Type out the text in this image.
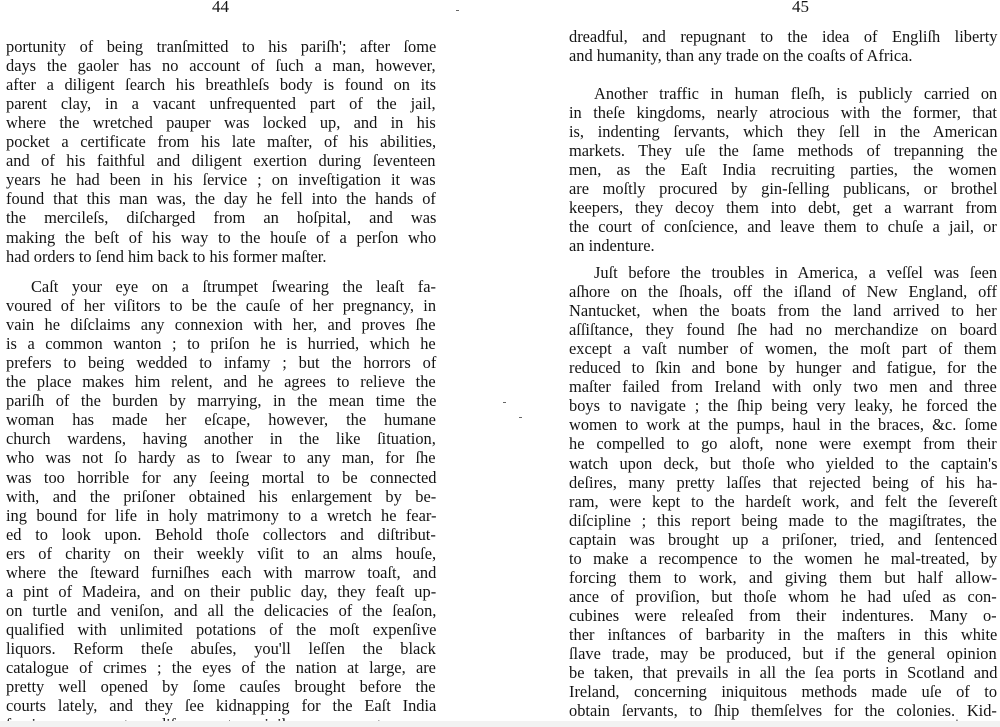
44
portunity of being tranſmitted to his pariſh'; after ſome
days the gaoler has no account of ſuch a man, however,
after a diligent ſearch his breathleſs body is found on its
parent clay, in a vacant unfrequented part of the jail,
where the wretched pauper was locked up, and in his
pocket a certificate from his late maſter, of his abilities,
and of his faithful and diligent exertion during ſeventeen
years he had been in his ſervice ; on inveſtigation it was
found that this man was, the day he fell into the hands of
the mercileſs, diſcharged from an hoſpital, and was
making the beſt of his way to the houſe of a perſon who
had orders to ſend him back to his former maſter.
Caſt your eye on a ſtrumpet ſwearing the leaſt fa-
voured of her viſitors to be the cauſe of her pregnancy, in
vain he diſclaims any connexion with her, and proves ſhe
is a common wanton ; to priſon he is hurried, which he
prefers to being wedded to infamy ; but the horrors of
the place makes him relent, and he agrees to relieve the
pariſh of the burden by marrying, in the mean time the
woman has made her eſcape, however, the humane
church wardens, having another in the like ſituation,
who was not ſo hardy as to ſwear to any man, for ſhe
was too horrible for any ſeeing mortal to be connected
with, and the priſoner obtained his enlargement by be-
ing bound for life in holy matrimony to a wretch he fear-
ed to look upon. Behold thoſe collectors and diſtribut-
ers of charity on their weekly viſit to an alms houſe,
where the ſteward furniſhes each with marrow toaſt, and
a pint of Madeira, and on their public day, they feaſt up-
on turtle and veniſon, and all the delicacies of the ſeaſon,
qualified with unlimited potations of the moſt expenſive
liquors. Reform theſe abuſes, you'll leſſen the black
catalogue of crimes ; the eyes of the nation at large, are
pretty well opened by ſome cauſes brought before the
courts lately, and they ſee kidnapping for the Eaſt India
45
dreadful, and repugnant to the idea of Engliſh liberty
and humanity, than any trade on the coaſts of Africa.
Another traffic in human fleſh, is publicly carried on
in theſe kingdoms, nearly atrocious with the former, that
is, indenting ſervants, which they ſell in the American
markets. They uſe the ſame methods of trepanning the
men, as the Eaſt India recruiting parties, the women
are moſtly procured by gin-ſelling publicans, or brothel
keepers, they decoy them into debt, get a warrant from
the court of conſcience, and leave them to chuſe a jail, or
an indenture.
Juſt before the troubles in America, a veſſel was ſeen
aſhore on the ſhoals, off the iſland of New England, off
Nantucket, when the boats from the land arrived to her
aſſiſtance, they found ſhe had no merchandize on board
except a vaſt number of women, the moſt part of them
reduced to ſkin and bone by hunger and fatigue, for the
maſter failed from Ireland with only two men and three
boys to navigate ; the ſhip being very leaky, he forced the
women to work at the pumps, haul in the braces, &c. ſome
he compelled to go aloft, none were exempt from their
watch upon deck, but thoſe who yielded to the captain's
deſires, many pretty laſſes that rejected being of his ha-
ram, were kept to the hardeſt work, and felt the ſevereſt
diſcipline ; this report being made to the magiſtrates, the
captain was brought up a priſoner, tried, and ſentenced
to make a recompence to the women he mal-treated, by
forcing them to work, and giving them but half allow-
ance of proviſion, but thoſe whom he had uſed as con-
cubines were releaſed from their indentures. Many o-
ther inſtances of barbarity in the maſters in this white
ſlave trade, may be produced, but if the general opinion
be taken, that prevails in all the ſea ports in Scotland and
Ireland, concerning iniquitous methods made uſe of to
obtain ſervants, to ſhip themſelves for the colonies. Kid-
